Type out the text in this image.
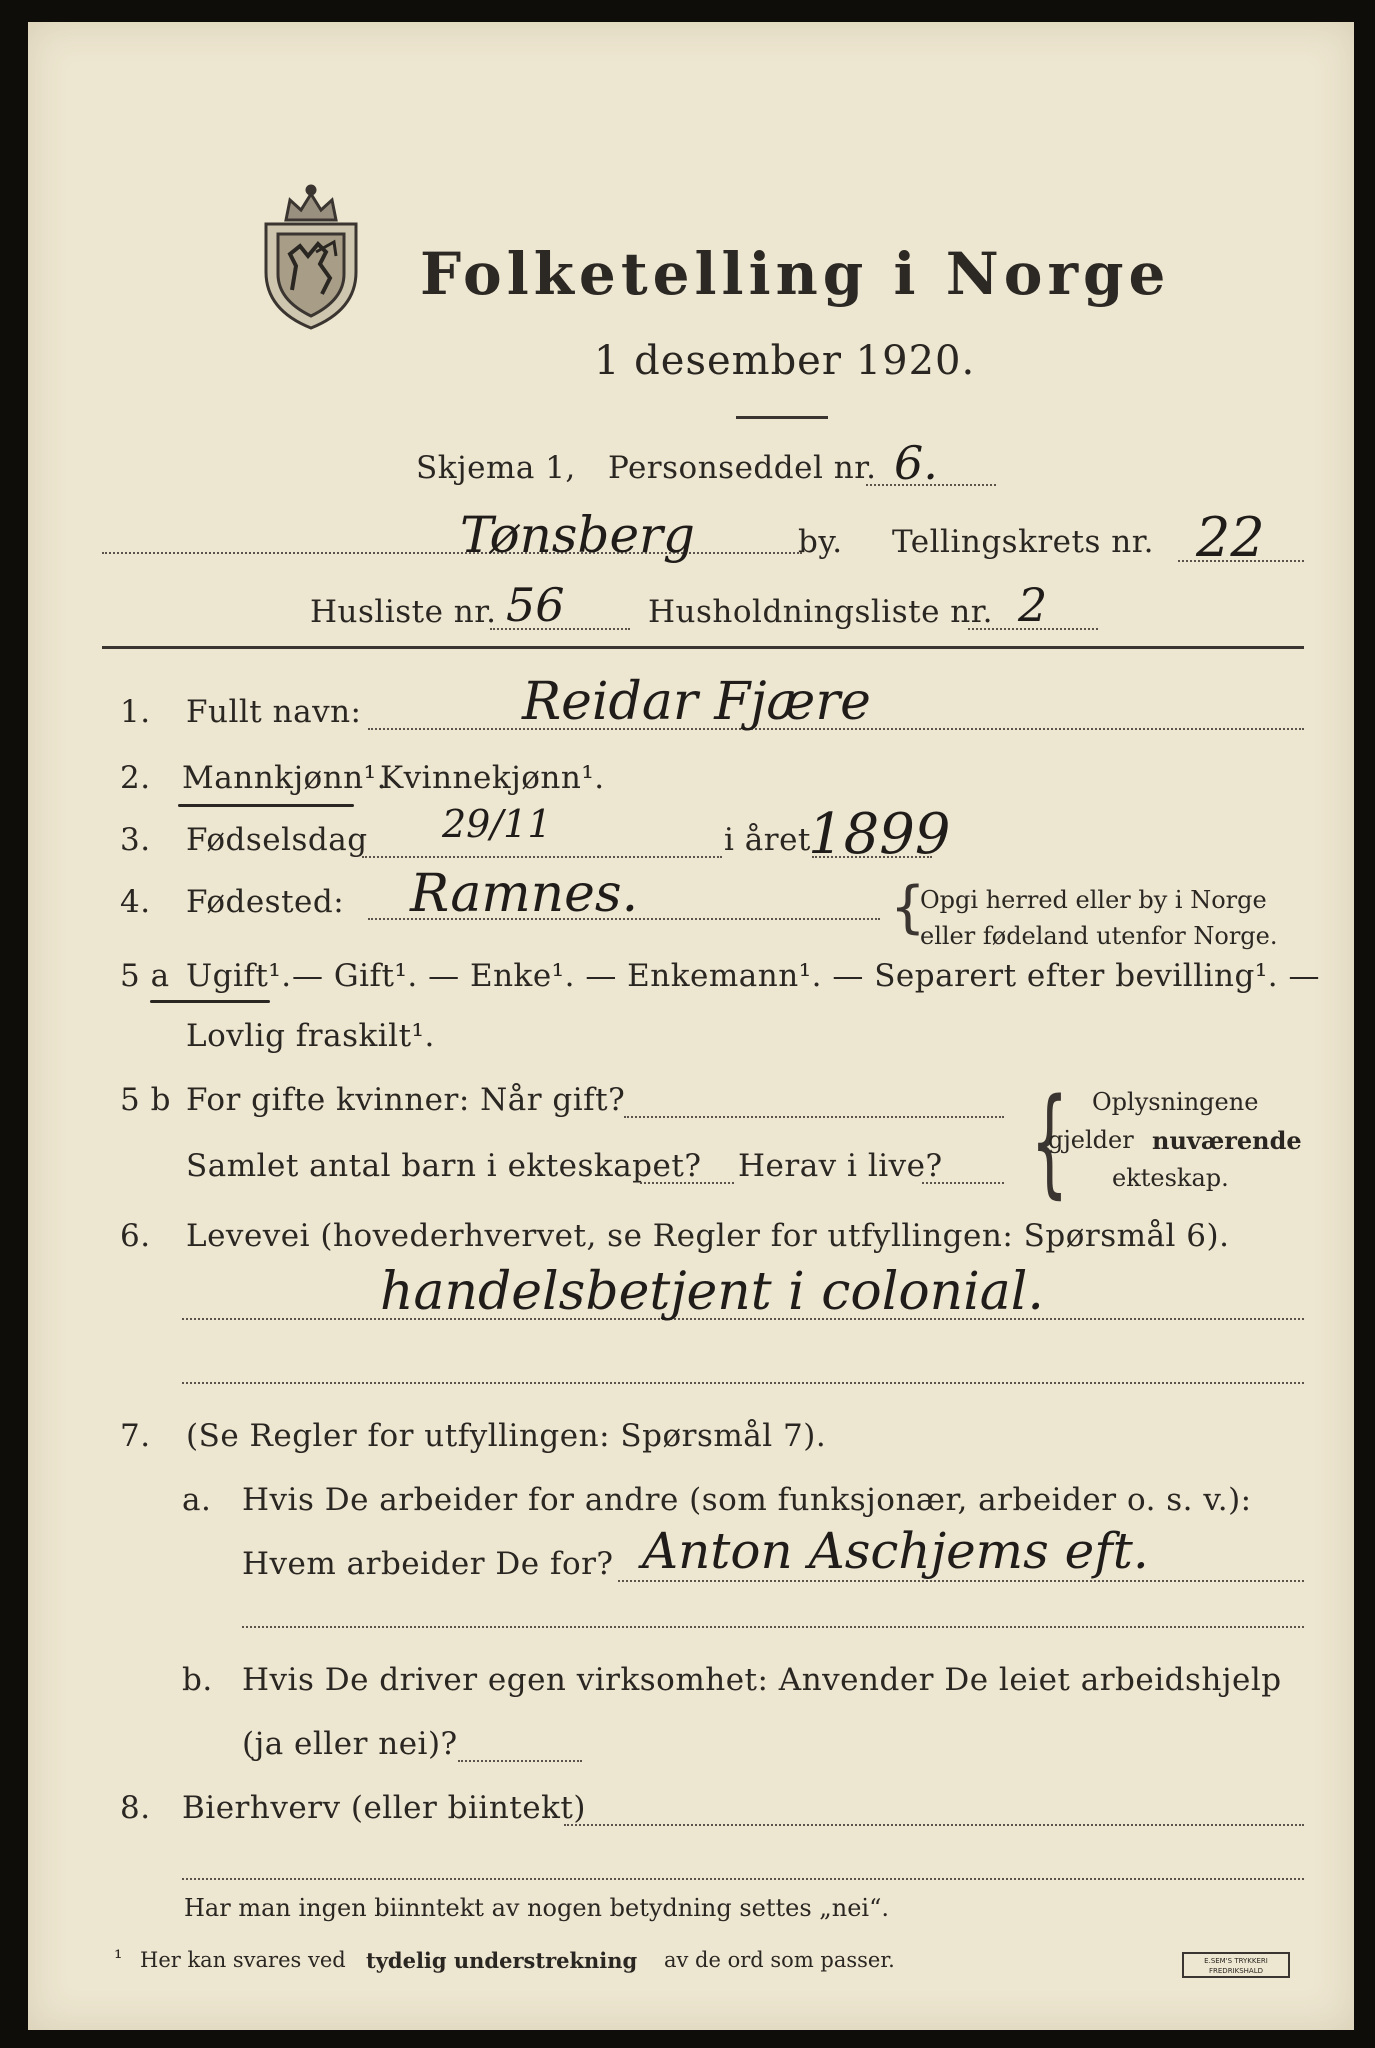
Folketelling i Norge
1 desember 1920.
Skjema 1, Personseddel nr. 6.
Tønsberg	by. Tellingskrets nr. 22
Husliste nr. 56	Husholdningsliste nr. 2
1. Fullt navn:	Reidar Fjære
2. Mannkjønn¹.
Kvinnekjønn¹.
3. Fødselsdag 29/11	i året
1899
4. Fødested: Ramnes.	{
Opgi herred eller by i Norge
eller fødeland utenfor Norge.
5 a Ugift¹. — Gift¹. — Enke¹. — Enkemann¹. — Separert efter bevilling¹. —
Lovlig fraskilt¹.
5 b For gifte kvinner: Når gift?
Samlet antal barn i ekteskapet? Herav i live? { Oplysningene
gjelder nuværende
ekteskap.
6. Levevei (hovederhvervet, se Regler for utfyllingen: Spørsmål 6).
handelsbetjent i colonial.
7. (Se Regler for utfyllingen: Spørsmål 7).
a. Hvis De arbeider for andre (som funksjonær, arbeider o. s. v.):
Hvem arbeider De for? Anton Aschjems eft.
b. Hvis De driver egen virksomhet: Anvender De leiet arbeidshjelp
(ja eller nei)?
8. Bierhverv (eller biintekt)
Har man ingen biinntekt av nogen betydning settes „nei“.
¹ Her kan svares ved tydelig understrekning av de ord som passer.	E.SEM'S TRYKKERI
FREDRIKSHALD
